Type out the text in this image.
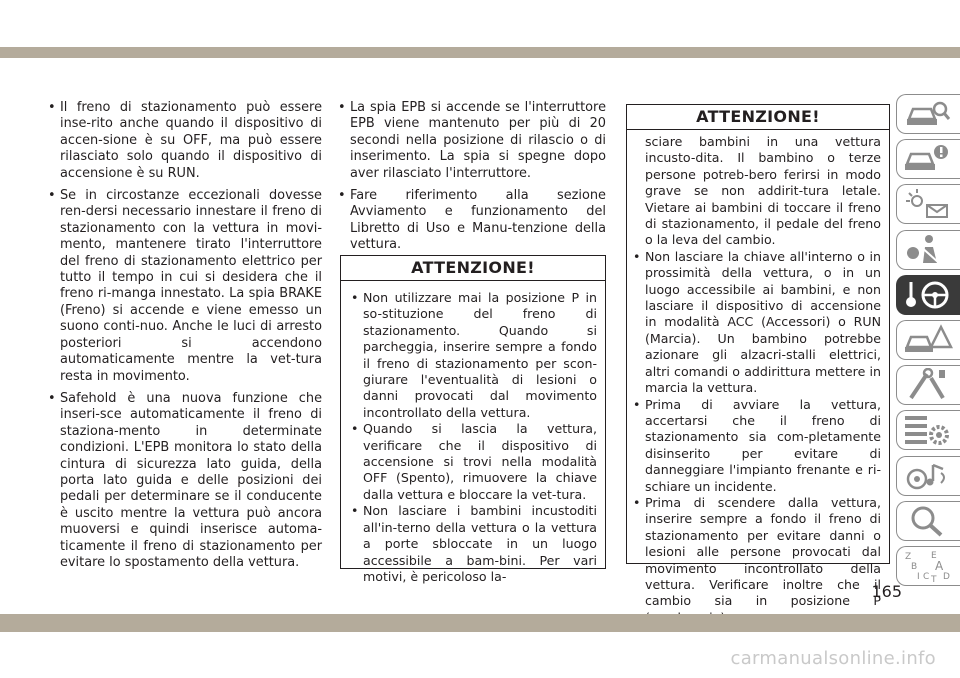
• Il freno di stazionamento può essere inse-rito anche quando il dispositivo di accen-sione è su OFF, ma può essere rilasciato solo quando il dispositivo di accensione è su RUN.
• Se in circostanze eccezionali dovesse ren-dersi necessario innestare il freno di stazionamento con la vettura in movi-mento, mantenere tirato l'interruttore del freno di stazionamento elettrico per tutto il tempo in cui si desidera che il freno ri-manga innestato. La spia BRAKE (Freno) si accende e viene emesso un suono conti-nuo. Anche le luci di arresto posteriori si accendono automaticamente mentre la vet-tura resta in movimento.
• Safehold è una nuova funzione che inseri-sce automaticamente il freno di staziona-mento in determinate condizioni. L'EPB monitora lo stato della cintura di sicurezza lato guida, della porta lato guida e delle posizioni dei pedali per determinare se il conducente è uscito mentre la vettura può ancora muoversi e quindi inserisce automa-ticamente il freno di stazionamento per evitare lo spostamento della vettura.
• La spia EPB si accende se l'interruttore EPB viene mantenuto per più di 20 secondi nella posizione di rilascio o di inserimento. La spia si spegne dopo aver rilasciato l'interruttore.
• Fare riferimento alla sezione Avviamento e funzionamento del Libretto di Uso e Manu-tenzione della vettura.
ATTENZIONE!
• Non utilizzare mai la posizione P in so-stituzione del freno di stazionamento. Quando si parcheggia, inserire sempre a fondo il freno di stazionamento per scon-giurare l'eventualità di lesioni o danni provocati dal movimento incontrollato della vettura.
• Quando si lascia la vettura, verificare che il dispositivo di accensione si trovi nella modalità OFF (Spento), rimuovere la chiave dalla vettura e bloccare la vet-tura.
• Non lasciare i bambini incustoditi all'in-terno della vettura o la vettura a porte sbloccate in un luogo accessibile a bam-bini. Per vari motivi, è pericoloso la-
ATTENZIONE!
sciare bambini in una vettura incusto-dita. Il bambino o terze persone potreb-bero ferirsi in modo grave se non addirit-tura letale. Vietare ai bambini di toccare il freno di stazionamento, il pedale del freno o la leva del cambio.
• Non lasciare la chiave all'interno o in prossimità della vettura, o in un luogo accessibile ai bambini, e non lasciare il dispositivo di accensione in modalità ACC (Accessori) o RUN (Marcia). Un bambino potrebbe azionare gli alzacri-stalli elettrici, altri comandi o addirittura mettere in marcia la vettura.
• Prima di avviare la vettura, accertarsi che il freno di stazionamento sia com-pletamente disinserito per evitare di danneggiare l'impianto frenante e ri-schiare un incidente.
• Prima di scendere dalla vettura, inserire sempre a fondo il freno di stazionamento per evitare danni o lesioni alle persone provocati dal movimento incontrollato della vettura. Verificare inoltre che il cambio sia in posizione P
Z E
B A
I C D
T
165
carmanualsonline.info
